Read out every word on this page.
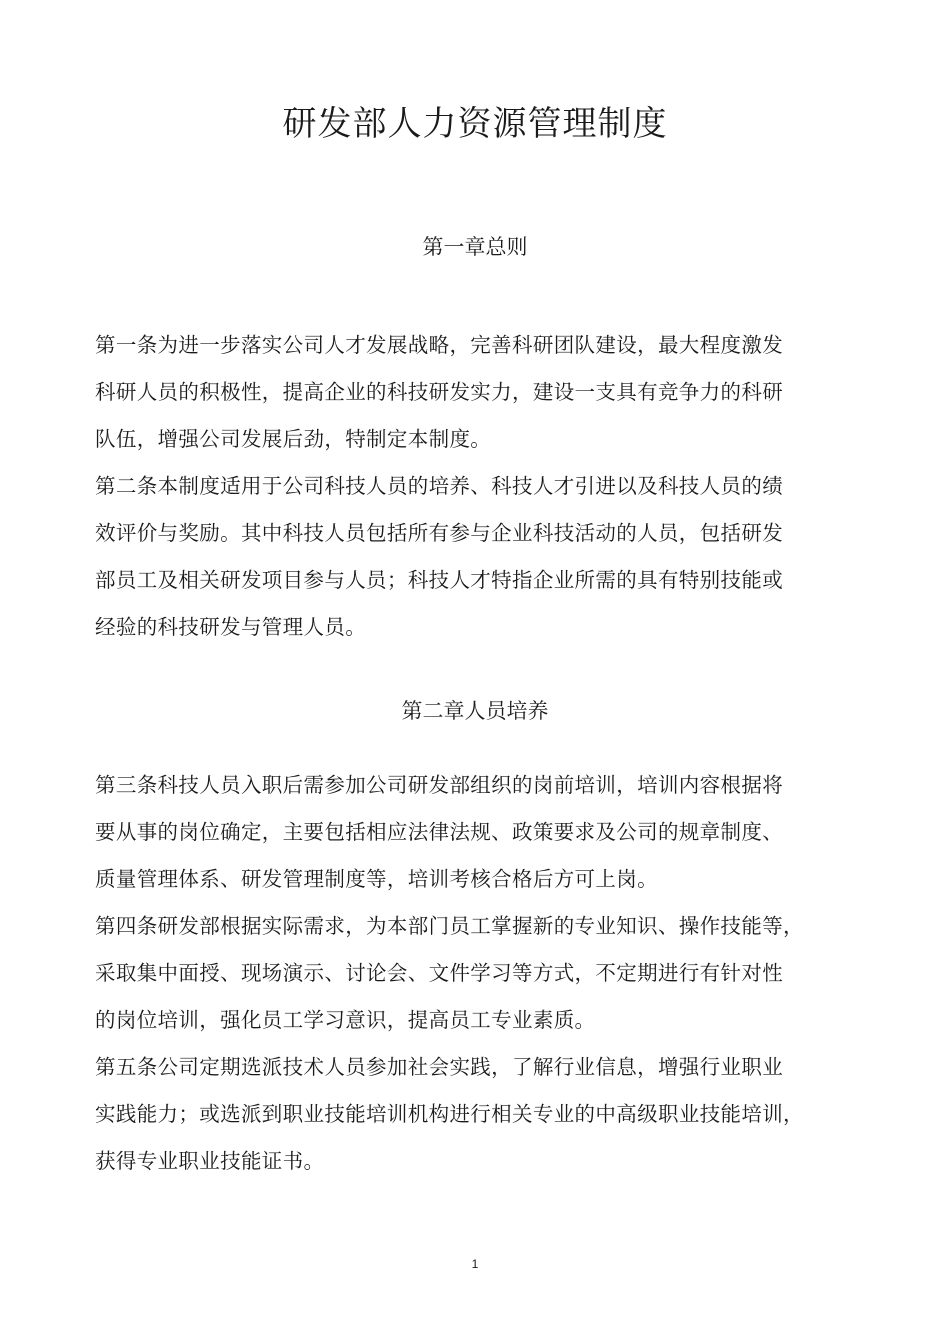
研发部人力资源管理制度
第一章总则
第一条为进一步落实公司人才发展战略，完善科研团队建设，最大程度激发
科研人员的积极性，提高企业的科技研发实力，建设一支具有竞争力的科研
队伍，增强公司发展后劲，特制定本制度。
第二条本制度适用于公司科技人员的培养、科技人才引进以及科技人员的绩
效评价与奖励。其中科技人员包括所有参与企业科技活动的人员，包括研发
部员工及相关研发项目参与人员；科技人才特指企业所需的具有特别技能或
经验的科技研发与管理人员。
第二章人员培养
第三条科技人员入职后需参加公司研发部组织的岗前培训，培训内容根据将
要从事的岗位确定，主要包括相应法律法规、政策要求及公司的规章制度、
质量管理体系、研发管理制度等，培训考核合格后方可上岗。
第四条研发部根据实际需求，为本部门员工掌握新的专业知识、操作技能等，
采取集中面授、现场演示、讨论会、文件学习等方式，不定期进行有针对性
的岗位培训，强化员工学习意识，提高员工专业素质。
第五条公司定期选派技术人员参加社会实践，了解行业信息，增强行业职业
实践能力；或选派到职业技能培训机构进行相关专业的中高级职业技能培训，
获得专业职业技能证书。
1
